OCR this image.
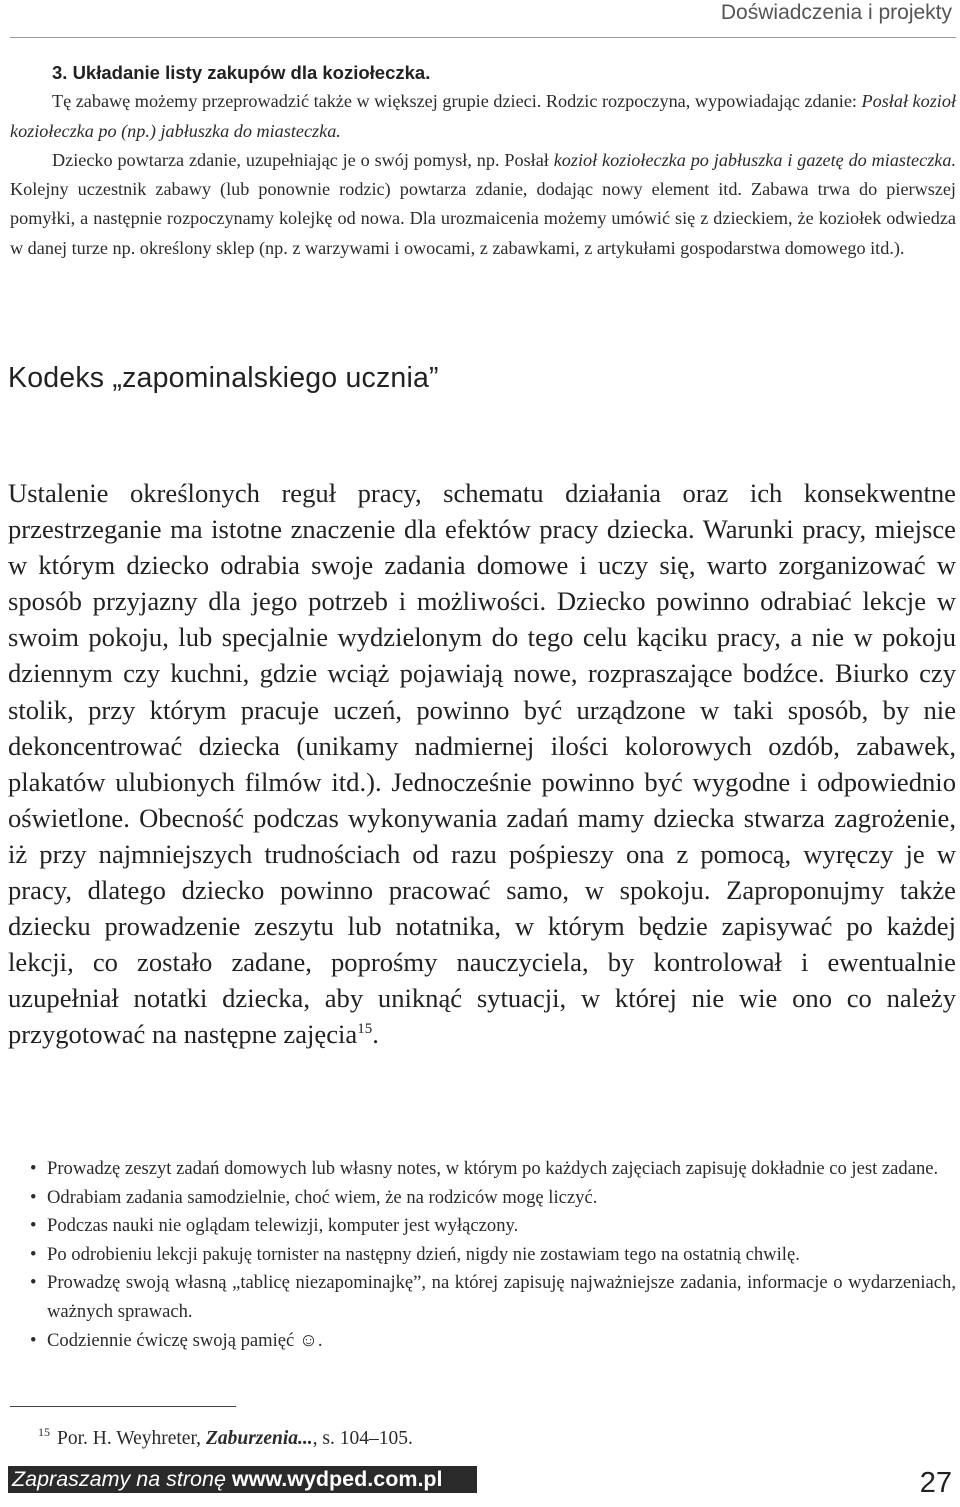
Doświadczenia i projekty

3. Układanie listy zakupów dla koziołeczka.

Tę zabawę możemy przeprowadzić także w większej grupie dzieci. Rodzic rozpoczyna, wypowiadając zdanie: Posłał kozioł koziołeczka po (np.) jabłuszka do miasteczka.

Dziecko powtarza zdanie, uzupełniając je o swój pomysł, np. Posłał kozioł koziołeczka po jabłuszka i gazetę do miasteczka. Kolejny uczestnik zabawy (lub ponownie rodzic) powtarza zdanie, dodając nowy element itd. Zabawa trwa do pierwszej pomyłki, a następnie rozpoczynamy kolejkę od nowa. Dla urozmaicenia możemy umówić się z dzieckiem, że koziołek odwiedza w danej turze np. określony sklep (np. z warzywami i owocami, z zabawkami, z artykułami gospodarstwa domowego itd.).

Kodeks „zapominalskiego ucznia”

Ustalenie określonych reguł pracy, schematu działania oraz ich konsekwentne przestrzeganie ma istotne znaczenie dla efektów pracy dziecka. Warunki pracy, miejsce w którym dziecko odrabia swoje zadania domowe i uczy się, warto zorganizować w sposób przyjazny dla jego potrzeb i możliwości. Dziecko powinno odrabiać lekcje w swoim pokoju, lub specjalnie wydzielonym do tego celu kąciku pracy, a nie w pokoju dziennym czy kuchni, gdzie wciąż pojawiają nowe, rozpraszające bodźce. Biurko czy stolik, przy którym pracuje uczeń, powinno być urządzone w taki sposób, by nie dekoncentrować dziecka (unikamy nadmiernej ilości kolorowych ozdób, zabawek, plakatów ulubionych filmów itd.). Jednocześnie powinno być wygodne i odpowiednio oświetlone. Obecność podczas wykonywania zadań mamy dziecka stwarza zagrożenie, iż przy najmniejszych trudnościach od razu pośpieszy ona z pomocą, wyręczy je w pracy, dlatego dziecko powinno pracować samo, w spokoju. Zaproponujmy także dziecku prowadzenie zeszytu lub notatnika, w którym będzie zapisywać po każdej lekcji, co zostało zadane, poprośmy nauczyciela, by kontrolował i ewentualnie uzupełniał notatki dziecka, aby uniknąć sytuacji, w której nie wie ono co należy przygotować na następne zajęcia$^{15}$.

• Prowadzę zeszyt zadań domowych lub własny notes, w którym po każdych zajęciach zapisuję dokładnie co jest zadane.
• Odrabiam zadania samodzielnie, choć wiem, że na rodziców mogę liczyć.
• Podczas nauki nie oglądam telewizji, komputer jest wyłączony.
• Po odrobieniu lekcji pakuję tornister na następny dzień, nigdy nie zostawiam tego na ostatnią chwilę.
• Prowadzę swoją własną „tablicę niezapominajkę”, na której zapisuję najważniejsze zadania, informacje o wydarzeniach, ważnych sprawach.
• Codziennie ćwiczę swoją pamięć ☺.
$^{15}$ Por. H. Weyhreter, Zaburzenia..., s. 104–105.
Zapraszamy na stronę www.wydped.com.pl	27
